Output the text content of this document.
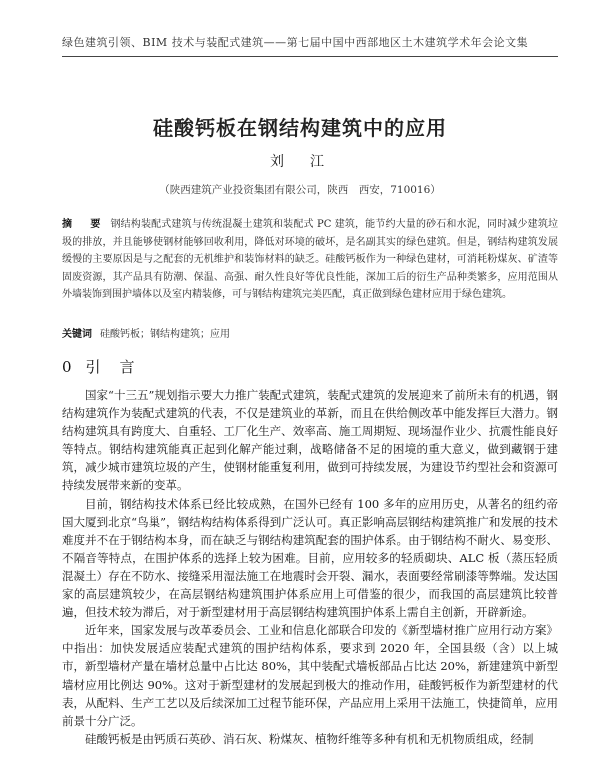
绿色建筑引领、BIM 技术与装配式建筑——第七届中国中西部地区土木建筑学术年会论文集
硅酸钙板在钢结构建筑中的应用
刘　江
（陕西建筑产业投资集团有限公司，陕西　西安，710016）
摘　要 钢结构装配式建筑与传统混凝土建筑和装配式 PC 建筑，能节约大量的砂石和水泥，同时减少建筑垃圾的排放，并且能够使钢材能够回收利用，降低对环境的破坏，是名副其实的绿色建筑。但是，钢结构建筑发展缓慢的主要原因是与之配套的无机维护和装饰材料的缺乏。硅酸钙板作为一种绿色建材，可消耗粉煤灰、矿渣等固废资源，其产品具有防潮、保温、高强、耐久性良好等优良性能，深加工后的衍生产品种类繁多，应用范围从外墙装饰到围护墙体以及室内精装修，可与钢结构建筑完美匹配，真正做到绿色建材应用于绿色建筑。
关键词 硅酸钙板；钢结构建筑；应用
0 引　言

国家“十三五”规划指示要大力推广装配式建筑，装配式建筑的发展迎来了前所未有的机遇，钢结构建筑作为装配式建筑的代表，不仅是建筑业的革新，而且在供给侧改革中能发挥巨大潜力。钢结构建筑具有跨度大、自重轻、工厂化生产、效率高、施工周期短、现场湿作业少、抗震性能良好等特点。钢结构建筑能真正起到化解产能过剩，战略储备不足的困境的重大意义，做到藏钢于建筑，减少城市建筑垃圾的产生，使钢材能重复利用，做到可持续发展，为建设节约型社会和资源可持续发展带来新的变革。

目前，钢结构技术体系已经比较成熟，在国外已经有 100 多年的应用历史，从著名的纽约帝国大厦到北京“鸟巢”，钢结构结构体系得到广泛认可。真正影响高层钢结构建筑推广和发展的技术难度并不在于钢结构本身，而在缺乏与钢结构建筑配套的围护体系。由于钢结构不耐火、易变形、不隔音等特点，在围护体系的选择上较为困难。目前，应用较多的轻质砌块、ALC 板（蒸压轻质混凝土）存在不防水、接缝采用湿法施工在地震时会开裂、漏水，表面要经常刷漆等弊端。发达国家的高层建筑较少，在高层钢结构建筑围护体系应用上可借鉴的很少，而我国的高层建筑比较普遍，但技术较为滞后，对于新型建材用于高层钢结构建筑围护体系上需自主创新，开辟新途。

近年来，国家发展与改革委员会、工业和信息化部联合印发的《新型墙材推广应用行动方案》中指出：加快发展适应装配式建筑的围护结构体系，要求到 2020 年，全国县级（含）以上城市，新型墙材产量在墙材总量中占比达 80%，其中装配式墙板部品占比达 20%，新建建筑中新型墙材应用比例达 90%。这对于新型建材的发展起到极大的推动作用，硅酸钙板作为新型建材的代表，从配料、生产工艺以及后续深加工过程节能环保，产品应用上采用干法施工，快捷简单，应用前景十分广泛。

硅酸钙板是由钙质石英砂、消石灰、粉煤灰、植物纤维等多种有机和无机物质组成，经制
